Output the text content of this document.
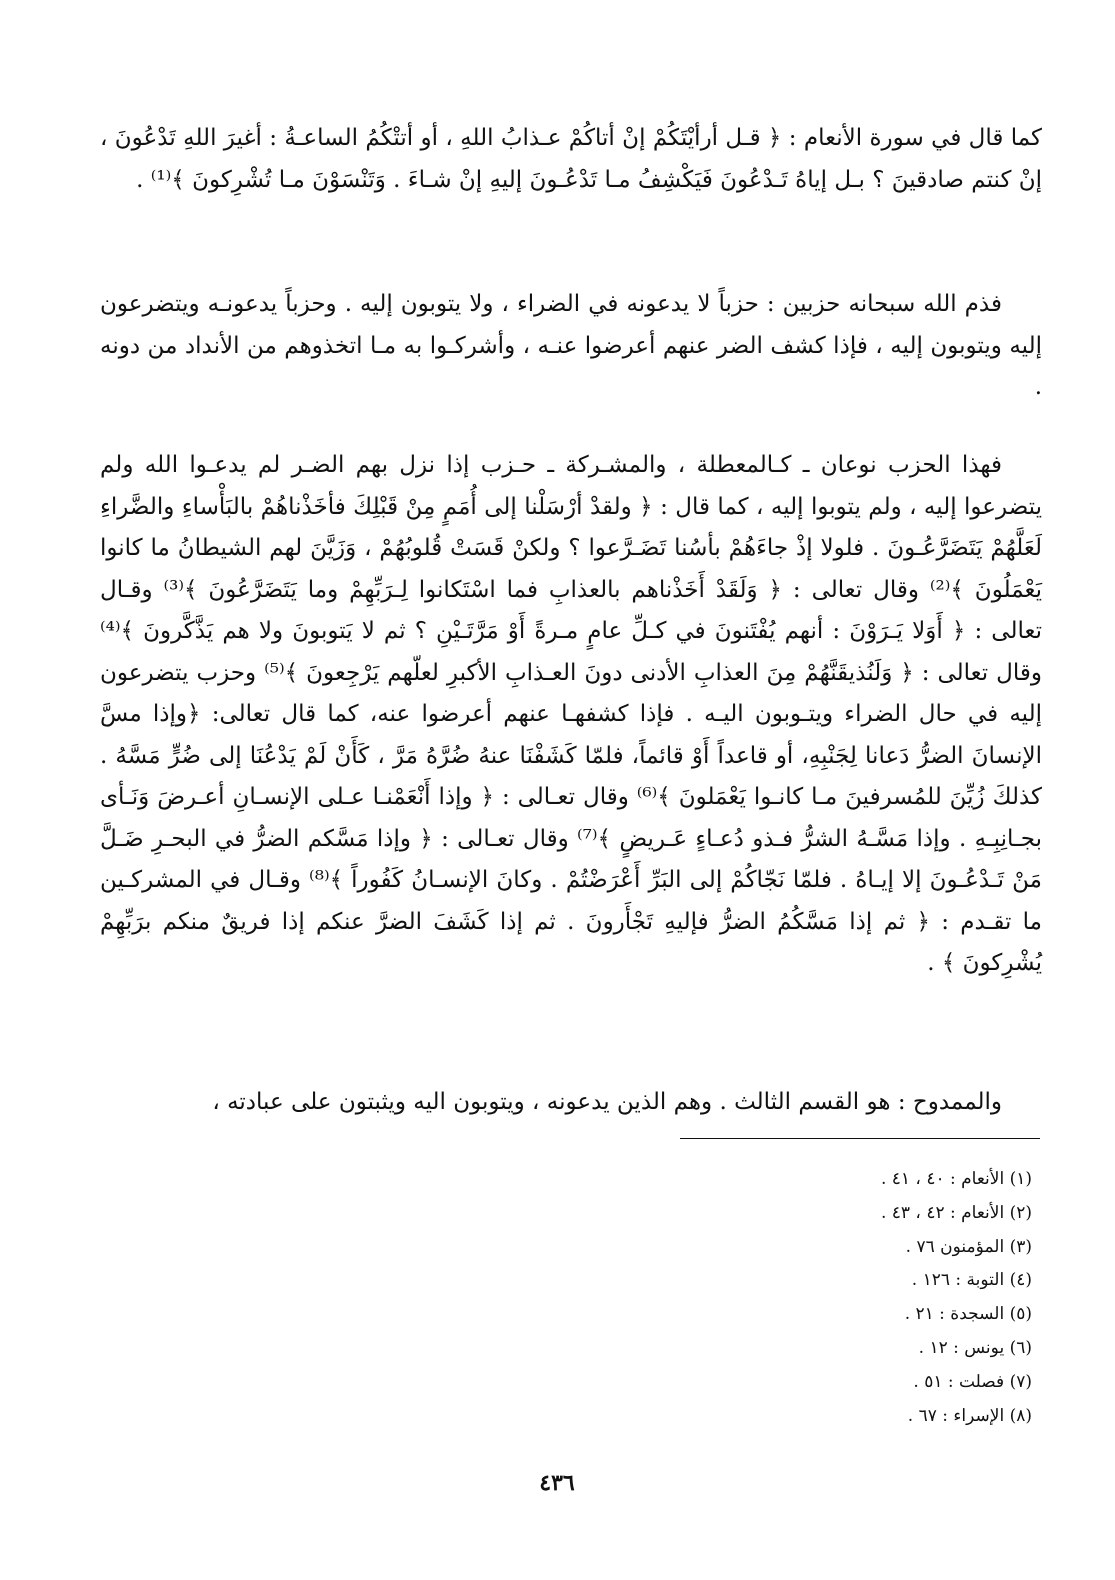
كما قال في سورة الأنعام : ﴿ قـل أرأيْتَكُمْ إنْ أتاكُمْ عـذابُ اللهِ ، أو أتتْكُمُ الساعـةُ : أغيرَ اللهِ تَدْعُونَ ، إنْ كنتم صادقينَ ؟ بـل إياهُ تَـدْعُونَ فَيَكْشِفُ مـا تَدْعُـونَ إليهِ إنْ شـاءَ . وَتَنْسَوْنَ مـا تُشْرِكونَ ﴾⁽¹⁾ .

فذم الله سبحانه حزبين : حزباً لا يدعونه في الضراء ، ولا يتوبون إليه . وحزباً يدعونـه ويتضرعون إليه ويتوبون إليه ، فإذا كشف الضر عنهم أعرضوا عنـه ، وأشركـوا به مـا اتخذوهم من الأنداد من دونه .

فهذا الحزب نوعان ـ كـالمعطلة ، والمشـركة ـ حـزب إذا نزل بهم الضـر لم يدعـوا الله ولم يتضرعوا إليه ، ولم يتوبوا إليه ، كما قال : ﴿ ولقدْ أرْسَلْنا إلى أُمَمٍ مِنْ قَبْلِكَ فأخَذْناهُمْ بالبَأْساءِ والضَّراءِ لَعَلَّهُمْ يَتَضَرَّعُـونَ . فلولا إذْ جاءَهُمْ بأسُنا تَضَـرَّعوا ؟ ولكنْ قَسَتْ قُلوبُهُمْ ، وَزَيَّنَ لهم الشيطانُ ما كانوا يَعْمَلُونَ ﴾⁽²⁾ وقال تعالى : ﴿ وَلَقَدْ أَخَذْناهم بالعذابِ فما اسْتَكانوا لِـرَبِّهِمْ وما يَتَضَرَّعُونَ ﴾⁽³⁾ وقـال تعالى : ﴿ أَوَلا يَـرَوْنَ : أنهم يُفْتَنونَ في كـلِّ عامٍ مـرةً أَوْ مَرَّتَـيْنِ ؟ ثم لا يَتوبونَ ولا هم يَذَّكَّرونَ ﴾⁽⁴⁾ وقال تعالى : ﴿ وَلَنُذيقَنَّهُمْ مِنَ العذابِ الأدنى دونَ العـذابِ الأكبرِ لعلّهم يَرْجِعونَ ﴾⁽⁵⁾ وحزب يتضرعون إليه في حال الضراء ويتـوبون اليـه . فإذا كشفهـا عنهم أعرضوا عنه، كما قال تعالى: ﴿وإذا مسَّ الإنسانَ الضرُّ دَعانا لِجَنْبِهِ، أو قاعداً أَوْ قائماً، فلمّا كَشَفْنَا عنهُ ضُرَّهُ مَرَّ ، كَأَنْ لَمْ يَدْعُنَا إلى ضُرٍّ مَسَّهُ . كذلكَ زُيِّنَ للمُسرفينَ مـا كانـوا يَعْمَلونَ ﴾⁽⁶⁾ وقال تعـالى : ﴿ وإذا أَنْعَمْنـا عـلى الإنسـانِ أعـرضَ وَنَـأى بجـانِبِـهِ . وإذا مَسَّـهُ الشرُّ فـذو دُعـاءٍ عَـريضٍ ﴾⁽⁷⁾ وقال تعـالى : ﴿ وإذا مَسَّكم الضرُّ في البحـرِ ضَـلَّ مَنْ تَـدْعُـونَ إلا إيـاهُ . فلمّا نَجّاكُمْ إلى البَرِّ أَعْرَضْتُمْ . وكانَ الإنسـانُ كَفُوراً ﴾⁽⁸⁾ وقـال في المشركـين ما تقـدم : ﴿ ثم إذا مَسَّكُمُ الضرُّ فإليهِ تَجْأَرونَ . ثم إذا كَشَفَ الضرَّ عنكم إذا فريقٌ منكم برَبِّهِمْ يُشْرِكونَ ﴾ .

والممدوح : هو القسم الثالث . وهم الذين يدعونه ، ويتوبون اليه ويثبتون على عبادته ،

(١) الأنعام : ٤٠ ، ٤١ .
(٢) الأنعام : ٤٢ ، ٤٣ .
(٣) المؤمنون ٧٦ .
(٤) التوبة : ١٢٦ .
(٥) السجدة : ٢١ .
(٦) يونس : ١٢ .
(٧) فصلت : ٥١ .
(٨) الإسراء : ٦٧ .
٤٣٦
